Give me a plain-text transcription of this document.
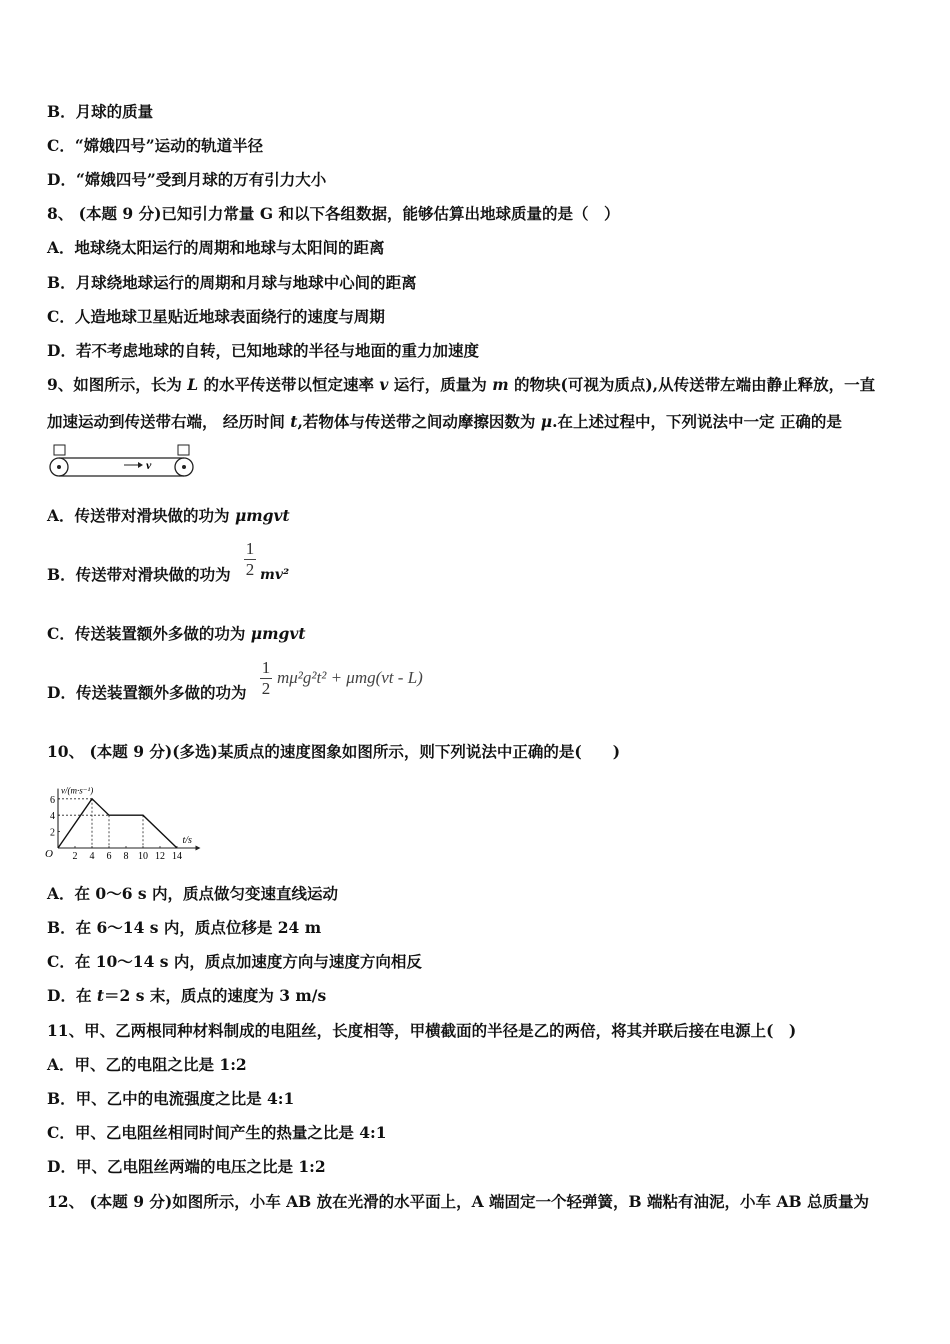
B．月球的质量
C．“嫦娥四号”运动的轨道半径
D．“嫦娥四号”受到月球的万有引力大小
8、 (本题 9 分)已知引力常量 G 和以下各组数据，能够估算出地球质量的是（　）
A．地球绕太阳运行的周期和地球与太阳间的距离
B．月球绕地球运行的周期和月球与地球中心间的距离
C．人造地球卫星贴近地球表面绕行的速度与周期
D．若不考虑地球的自转，已知地球的半径与地面的重力加速度
9、如图所示，长为 L 的水平传送带以恒定速率 v 运行，质量为 m 的物块(可视为质点),从传送带左端由静止释放，一直
加速运动到传送带右端， 经历时间 t,若物体与传送带之间动摩擦因数为 μ.在上述过程中，下列说法中一定 正确的是
v
A．传送带对滑块做的功为 μmgvt
B．传送带对滑块做的功为 $\frac{1}{2} mv^2$
C．传送装置额外多做的功为 μmgvt
D．传送装置额外多做的功为 $\frac{1}{2} m\mu^2g^2t^2 + \mu mg(vt - L)$
10、 (本题 9 分)(多选)某质点的速度图象如图所示，则下列说法中正确的是(　　)
2 4 6 8 10 12 14
2
4
6
O
v/(m·s⁻¹)
t/s
A．在 0～6 s 内，质点做匀变速直线运动
B．在 6～14 s 内，质点位移是 24 m
C．在 10～14 s 内，质点加速度方向与速度方向相反
D．在 t＝2 s 末，质点的速度为 3 m/s
11、甲、乙两根同种材料制成的电阻丝，长度相等，甲横截面的半径是乙的两倍，将其并联后接在电源上(　)
A．甲、乙的电阻之比是 1:2
B．甲、乙中的电流强度之比是 4:1
C．甲、乙电阻丝相同时间产生的热量之比是 4:1
D．甲、乙电阻丝两端的电压之比是 1:2
12、 (本题 9 分)如图所示，小车 AB 放在光滑的水平面上，A 端固定一个轻弹簧，B 端粘有油泥，小车 AB 总质量为
